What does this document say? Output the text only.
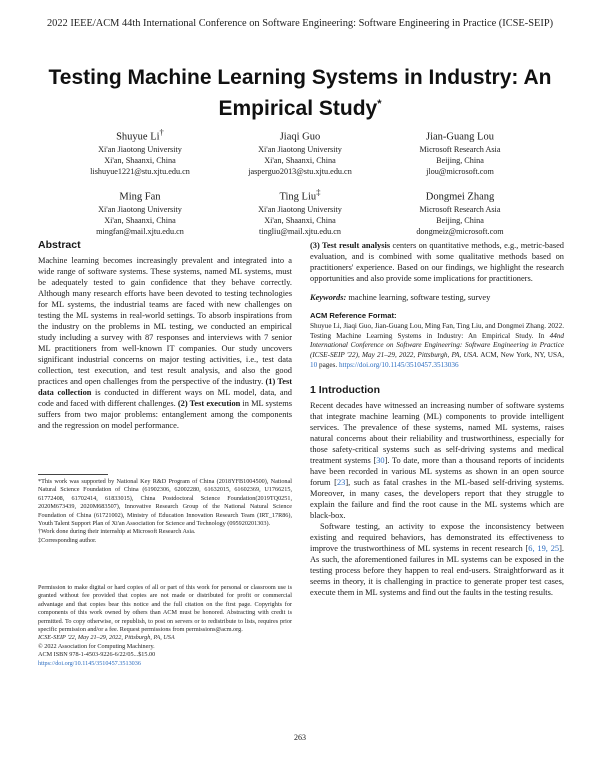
2022 IEEE/ACM 44th International Conference on Software Engineering: Software Engineering in Practice (ICSE-SEIP)
Testing Machine Learning Systems in Industry: An Empirical Study*
Shuyue Li†
Xi'an Jiaotong University
Xi'an, Shaanxi, China
lishuyue1221@stu.xjtu.edu.cn
Jiaqi Guo
Xi'an Jiaotong University
Xi'an, Shaanxi, China
jasperguo2013@stu.xjtu.edu.cn
Jian-Guang Lou
Microsoft Research Asia
Beijing, China
jlou@microsoft.com
Ming Fan
Xi'an Jiaotong University
Xi'an, Shaanxi, China
mingfan@mail.xjtu.edu.cn
Ting Liu‡
Xi'an Jiaotong University
Xi'an, Shaanxi, China
tingliu@mail.xjtu.edu.cn
Dongmei Zhang
Microsoft Research Asia
Beijing, China
dongmeiz@microsoft.com
Abstract

Machine learning becomes increasingly prevalent and integrated into a wide range of software systems. These systems, named ML systems, must be adequately tested to gain confidence that they behave correctly. Although many research efforts have been devoted to testing technologies for ML systems, the industrial teams are faced with new challenges on testing the ML systems in real-world settings. To absorb inspirations from the industry on the problems in ML testing, we conducted an empirical study including a survey with 87 responses and interviews with 7 senior ML practitioners from well-known IT companies. Our study uncovers significant industrial concerns on major testing activities, i.e., test data collection, test execution, and test result analysis, and also the good practices and open challenges from the perspective of the industry. (1) Test data collection is conducted in different ways on ML model, data, and code and faced with different challenges. (2) Test execution in ML systems suffers from two major problems: entanglement among the components and the regression on model performance.

*This work was supported by National Key R&D Program of China (2018YFB1004500), National Natural Science Foundation of China (61902306, 62002280, 61632015, 61602369, U1766215, 61772408, 61702414, 61833015), China Postdoctoral Science Foundation(2019TQ0251, 2020M673439, 2020M683507), Innovative Research Group of the National Natural Science Foundation of China (61721002), Ministry of Education Innovation Research Team (IRT_17R86), Youth Talent Support Plan of Xi'an Association for Science and Technology (095920201303).

†Work done during their internship at Microsoft Research Asia.

‡Corresponding author.

Permission to make digital or hard copies of all or part of this work for personal or classroom use is granted without fee provided that copies are not made or distributed for profit or commercial advantage and that copies bear this notice and the full citation on the first page. Copyrights for components of this work owned by others than ACM must be honored. Abstracting with credit is permitted. To copy otherwise, or republish, to post on servers or to redistribute to lists, requires prior specific permission and/or a fee. Request permissions from permissions@acm.org.

ICSE-SEIP '22, May 21–29, 2022, Pittsburgh, PA, USA

© 2022 Association for Computing Machinery.

ACM ISBN 978-1-4503-9226-6/22/05...$15.00

https://doi.org/10.1145/3510457.3513036

(3) Test result analysis centers on quantitative methods, e.g., metric-based evaluation, and is combined with some qualitative methods based on practitioners' experience. Based on our findings, we highlight the research opportunities and also provide some implications for practitioners.

Keywords: machine learning, software testing, survey

ACM Reference Format:

Shuyue Li, Jiaqi Guo, Jian-Guang Lou, Ming Fan, Ting Liu, and Dongmei Zhang. 2022. Testing Machine Learning Systems in Industry: An Empirical Study. In 44nd International Conference on Software Engineering: Software Engineering in Practice (ICSE-SEIP '22), May 21–29, 2022, Pittsburgh, PA, USA. ACM, New York, NY, USA, 10 pages. https://doi.org/10.1145/3510457.3513036

1 Introduction

Recent decades have witnessed an increasing number of software systems that integrate machine learning (ML) components to provide intelligent services. The prevalence of these systems, named ML systems, raises natural concerns about their reliability and trustworthiness, especially for those safety-critical systems such as self-driving systems and medical treatment systems [30]. To date, more than a thousand reports of incidents have been recorded in various ML systems as shown in an open source forum [23], such as fatal crashes in the ML-based self-driving systems. Moreover, in many cases, the developers report that they struggle to explain the failure and find the root cause in the ML systems which are black-box.

Software testing, an activity to expose the inconsistency between existing and required behaviors, has demonstrated its effectiveness to improve the trustworthiness of ML systems in recent research [6, 19, 25]. As such, the aforementioned failures in ML systems can be exposed in the testing process before they happen to real end-users. Straightforward as it seems in theory, it is challenging in practice to generate proper test cases, execute them in ML systems and find out the faults in the testing results.

263
